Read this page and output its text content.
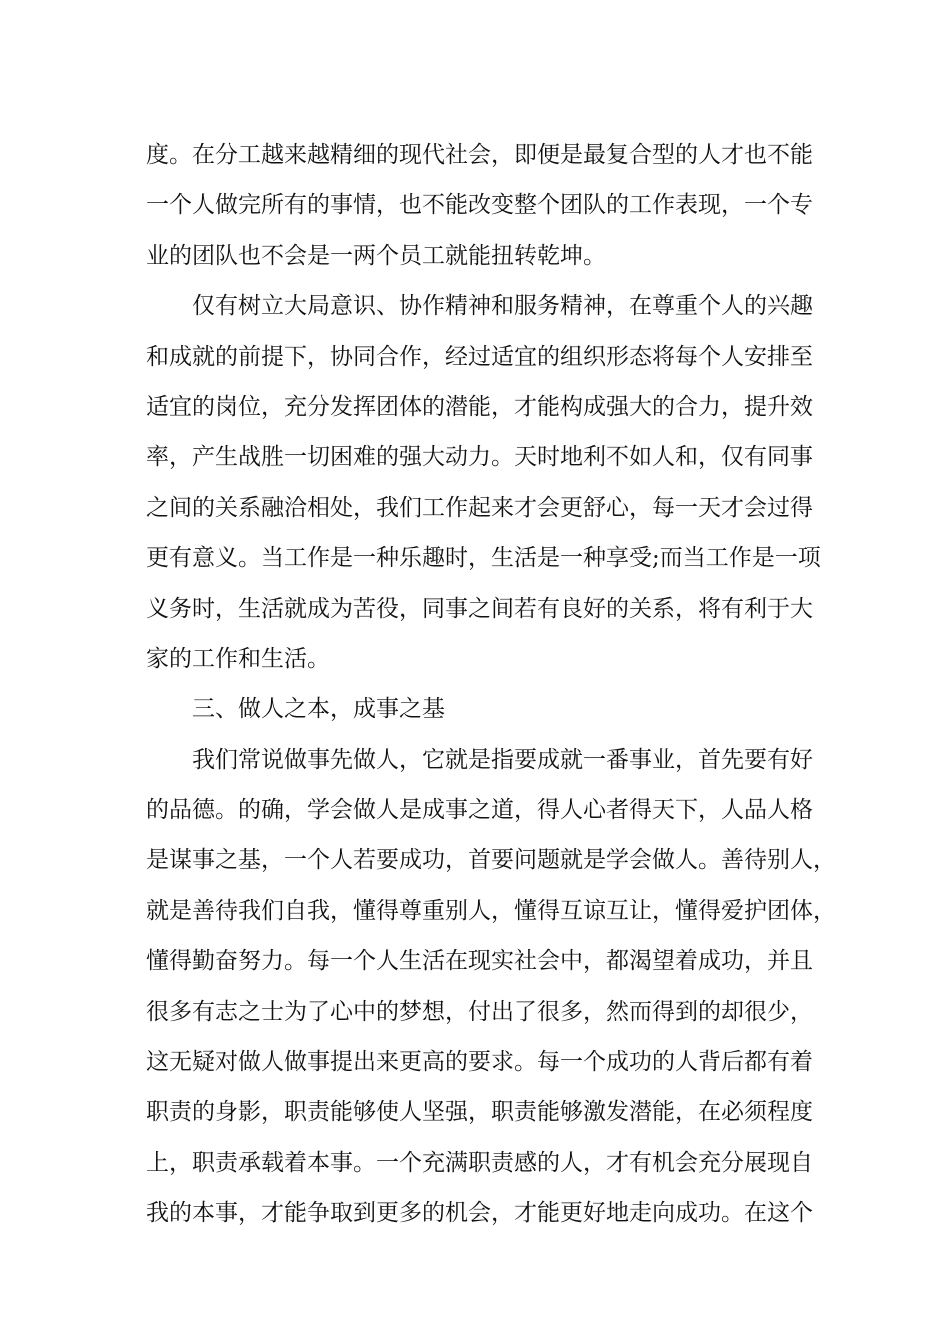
度。在分工越来越精细的现代社会，即便是最复合型的人才也不能
一个人做完所有的事情，也不能改变整个团队的工作表现，一个专
业的团队也不会是一两个员工就能扭转乾坤。
仅有树立大局意识、协作精神和服务精神，在尊重个人的兴趣
和成就的前提下，协同合作，经过适宜的组织形态将每个人安排至
适宜的岗位，充分发挥团体的潜能，才能构成强大的合力，提升效
率，产生战胜一切困难的强大动力。天时地利不如人和，仅有同事
之间的关系融洽相处，我们工作起来才会更舒心，每一天才会过得
更有意义。当工作是一种乐趣时，生活是一种享受;而当工作是一项
义务时，生活就成为苦役，同事之间若有良好的关系，将有利于大
家的工作和生活。
三、做人之本，成事之基
我们常说做事先做人，它就是指要成就一番事业，首先要有好
的品德。的确，学会做人是成事之道，得人心者得天下，人品人格
是谋事之基，一个人若要成功，首要问题就是学会做人。善待别人，
就是善待我们自我，懂得尊重别人，懂得互谅互让，懂得爱护团体，
懂得勤奋努力。每一个人生活在现实社会中，都渴望着成功，并且
很多有志之士为了心中的梦想，付出了很多，然而得到的却很少，
这无疑对做人做事提出来更高的要求。每一个成功的人背后都有着
职责的身影，职责能够使人坚强，职责能够激发潜能，在必须程度
上，职责承载着本事。一个充满职责感的人，才有机会充分展现自
我的本事，才能争取到更多的机会，才能更好地走向成功。在这个
